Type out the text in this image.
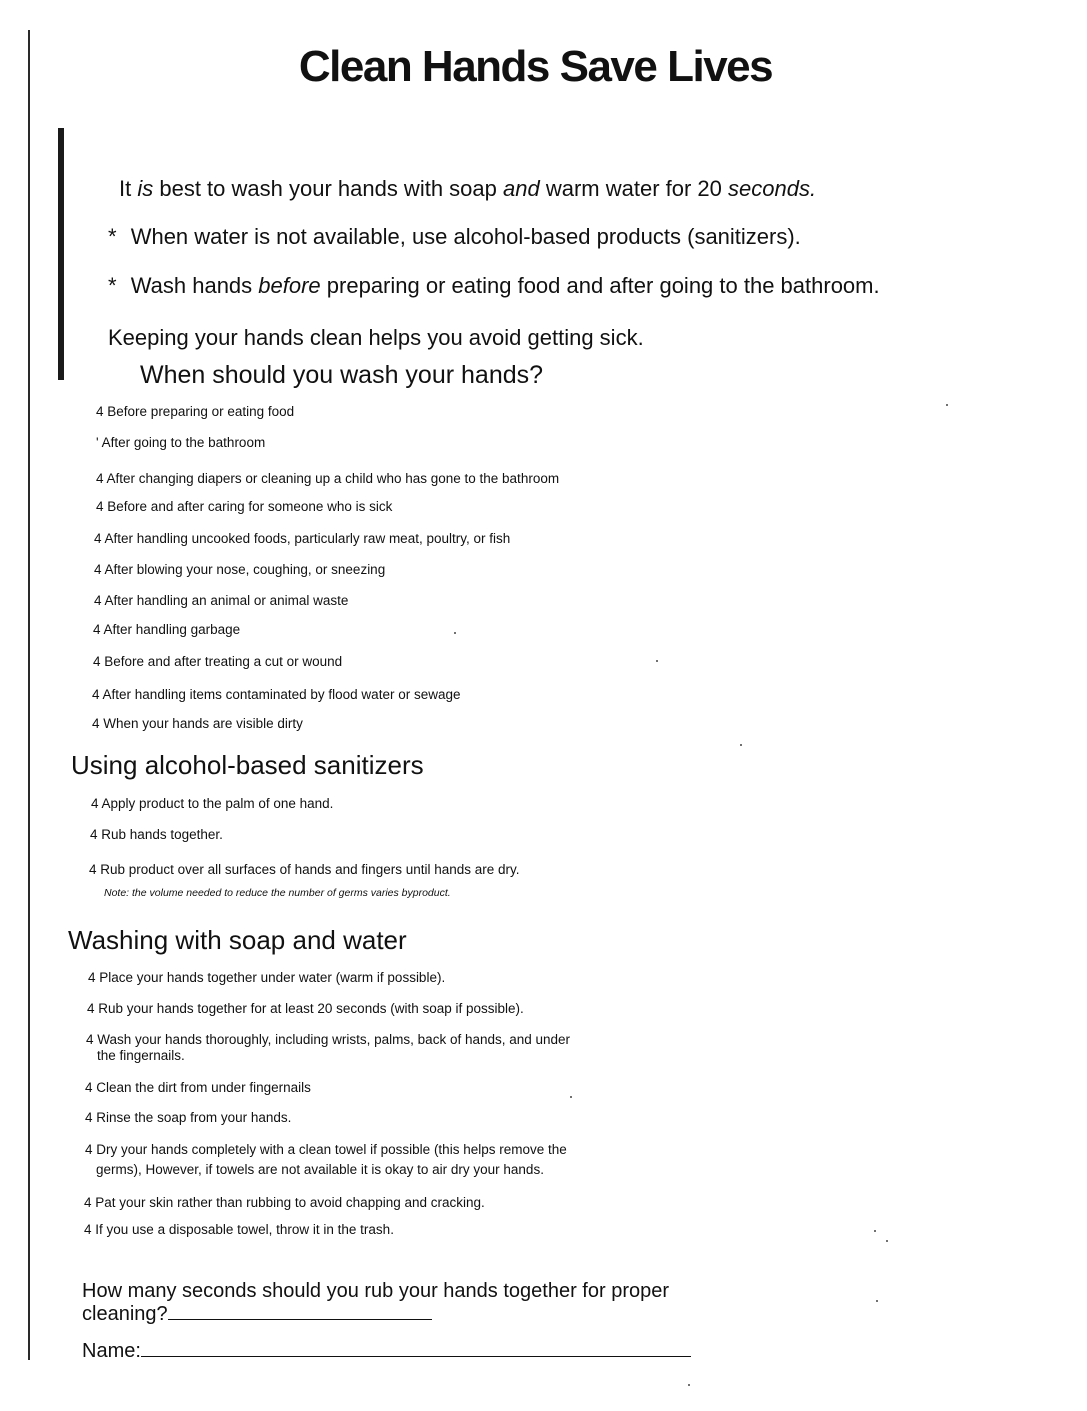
Clean Hands Save Lives
It is best to wash your hands with soap and warm water for 20 seconds.
* When water is not available, use alcohol-based products (sanitizers).
* Wash hands before preparing or eating food and after going to the bathroom.
Keeping your hands clean helps you avoid getting sick.
When should you wash your hands?
4 Before preparing or eating food
' After going to the bathroom
4 After changing diapers or cleaning up a child who has gone to the bathroom
4 Before and after caring for someone who is sick
4 After handling uncooked foods, particularly raw meat, poultry, or fish
4 After blowing your nose, coughing, or sneezing
4 After handling an animal or animal waste
4 After handling garbage
4 Before and after treating a cut or wound
4 After handling items contaminated by flood water or sewage
4 When your hands are visible dirty
Using alcohol-based sanitizers
4 Apply product to the palm of one hand.
4 Rub hands together.
4 Rub product over all surfaces of hands and fingers until hands are dry.
Note: the volume needed to reduce the number of germs varies byproduct.
Washing with soap and water
4 Place your hands together under water (warm if possible).
4 Rub your hands together for at least 20 seconds (with soap if possible).
4 Wash your hands thoroughly, including wrists, palms, back of hands, and under
the fingernails.
4 Clean the dirt from under fingernails
4 Rinse the soap from your hands.
4 Dry your hands completely with a clean towel if possible (this helps remove the
germs), However, if towels are not available it is okay to air dry your hands.
4 Pat your skin rather than rubbing to avoid chapping and cracking.
4 If you use a disposable towel, throw it in the trash.
How many seconds should you rub your hands together for proper
cleaning?
Name:
